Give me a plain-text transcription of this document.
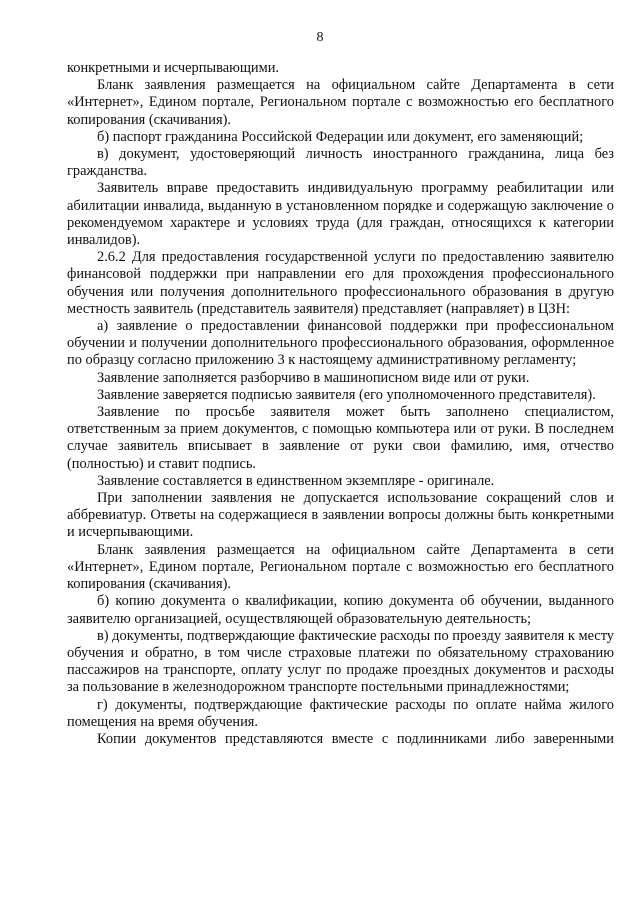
8

конкретными и исчерпывающими.

Бланк заявления размещается на официальном сайте Департамента в сети «Интернет», Едином портале, Региональном портале с возможностью его бесплатного копирования (скачивания).

б) паспорт гражданина Российской Федерации или документ, его заменяющий;

в) документ, удостоверяющий личность иностранного гражданина, лица без гражданства.

Заявитель вправе предоставить индивидуальную программу реабилитации или абилитации инвалида, выданную в установленном порядке и содержащую заключение о рекомендуемом характере и условиях труда (для граждан, относящихся к категории инвалидов).

2.6.2 Для предоставления государственной услуги по предоставлению заявителю финансовой поддержки при направлении его для прохождения профессионального обучения или получения дополнительного профессионального образования в другую местность заявитель (представитель заявителя) представляет (направляет) в ЦЗН:

а) заявление о предоставлении финансовой поддержки при профессиональном обучении и получении дополнительного профессионального образования, оформленное по образцу согласно приложению 3 к настоящему административному регламенту;

Заявление заполняется разборчиво в машинописном виде или от руки.

Заявление заверяется подписью заявителя (его уполномоченного представителя).

Заявление по просьбе заявителя может быть заполнено специалистом, ответственным за прием документов, с помощью компьютера или от руки. В последнем случае заявитель вписывает в заявление от руки свои фамилию, имя, отчество (полностью) и ставит подпись.

Заявление составляется в единственном экземпляре - оригинале.

При заполнении заявления не допускается использование сокращений слов и аббревиатур. Ответы на содержащиеся в заявлении вопросы должны быть конкретными и исчерпывающими.

Бланк заявления размещается на официальном сайте Департамента в сети «Интернет», Едином портале, Региональном портале с возможностью его бесплатного копирования (скачивания).

б) копию документа о квалификации, копию документа об обучении, выданного заявителю организацией, осуществляющей образовательную деятельность;

в) документы, подтверждающие фактические расходы по проезду заявителя к месту обучения и обратно, в том числе страховые платежи по обязательному страхованию пассажиров на транспорте, оплату услуг по продаже проездных документов и расходы за пользование в железнодорожном транспорте постельными принадлежностями;

г) документы, подтверждающие фактические расходы по оплате найма жилого помещения на время обучения.

Копии документов представляются вместе с подлинниками либо заверенными
